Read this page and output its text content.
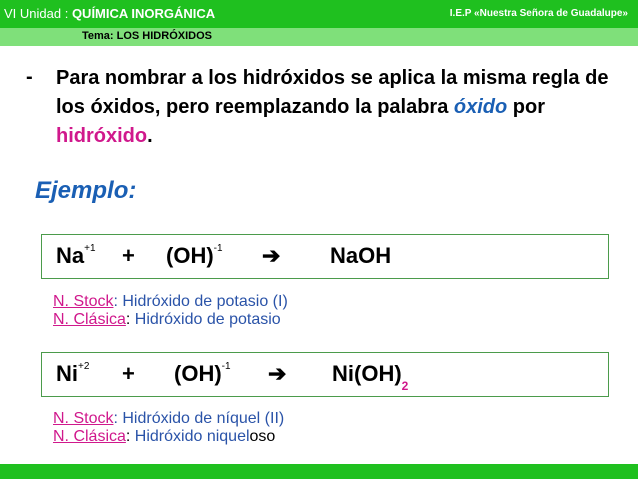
VI Unidad : QUÍMICA INORGÁNICA	I.E.P «Nuestra Señora de Guadalupe»
Tema: LOS HIDRÓXIDOS
- Para nombrar a los hidróxidos se aplica la misma regla de los óxidos, pero reemplazando la palabra óxido por hidróxido.
Ejemplo:
$Na^{+1} + (OH)^{-1}$ ➔ NaOH
N. Stock: Hidróxido de potasio (I)
N. Clásica: Hidróxido de potasio
$Ni^{+2} + (OH)^{-1}$ ➔ $Ni(OH)_2$
N. Stock: Hidróxido de níquel (II)
N. Clásica: Hidróxido niqueloso
